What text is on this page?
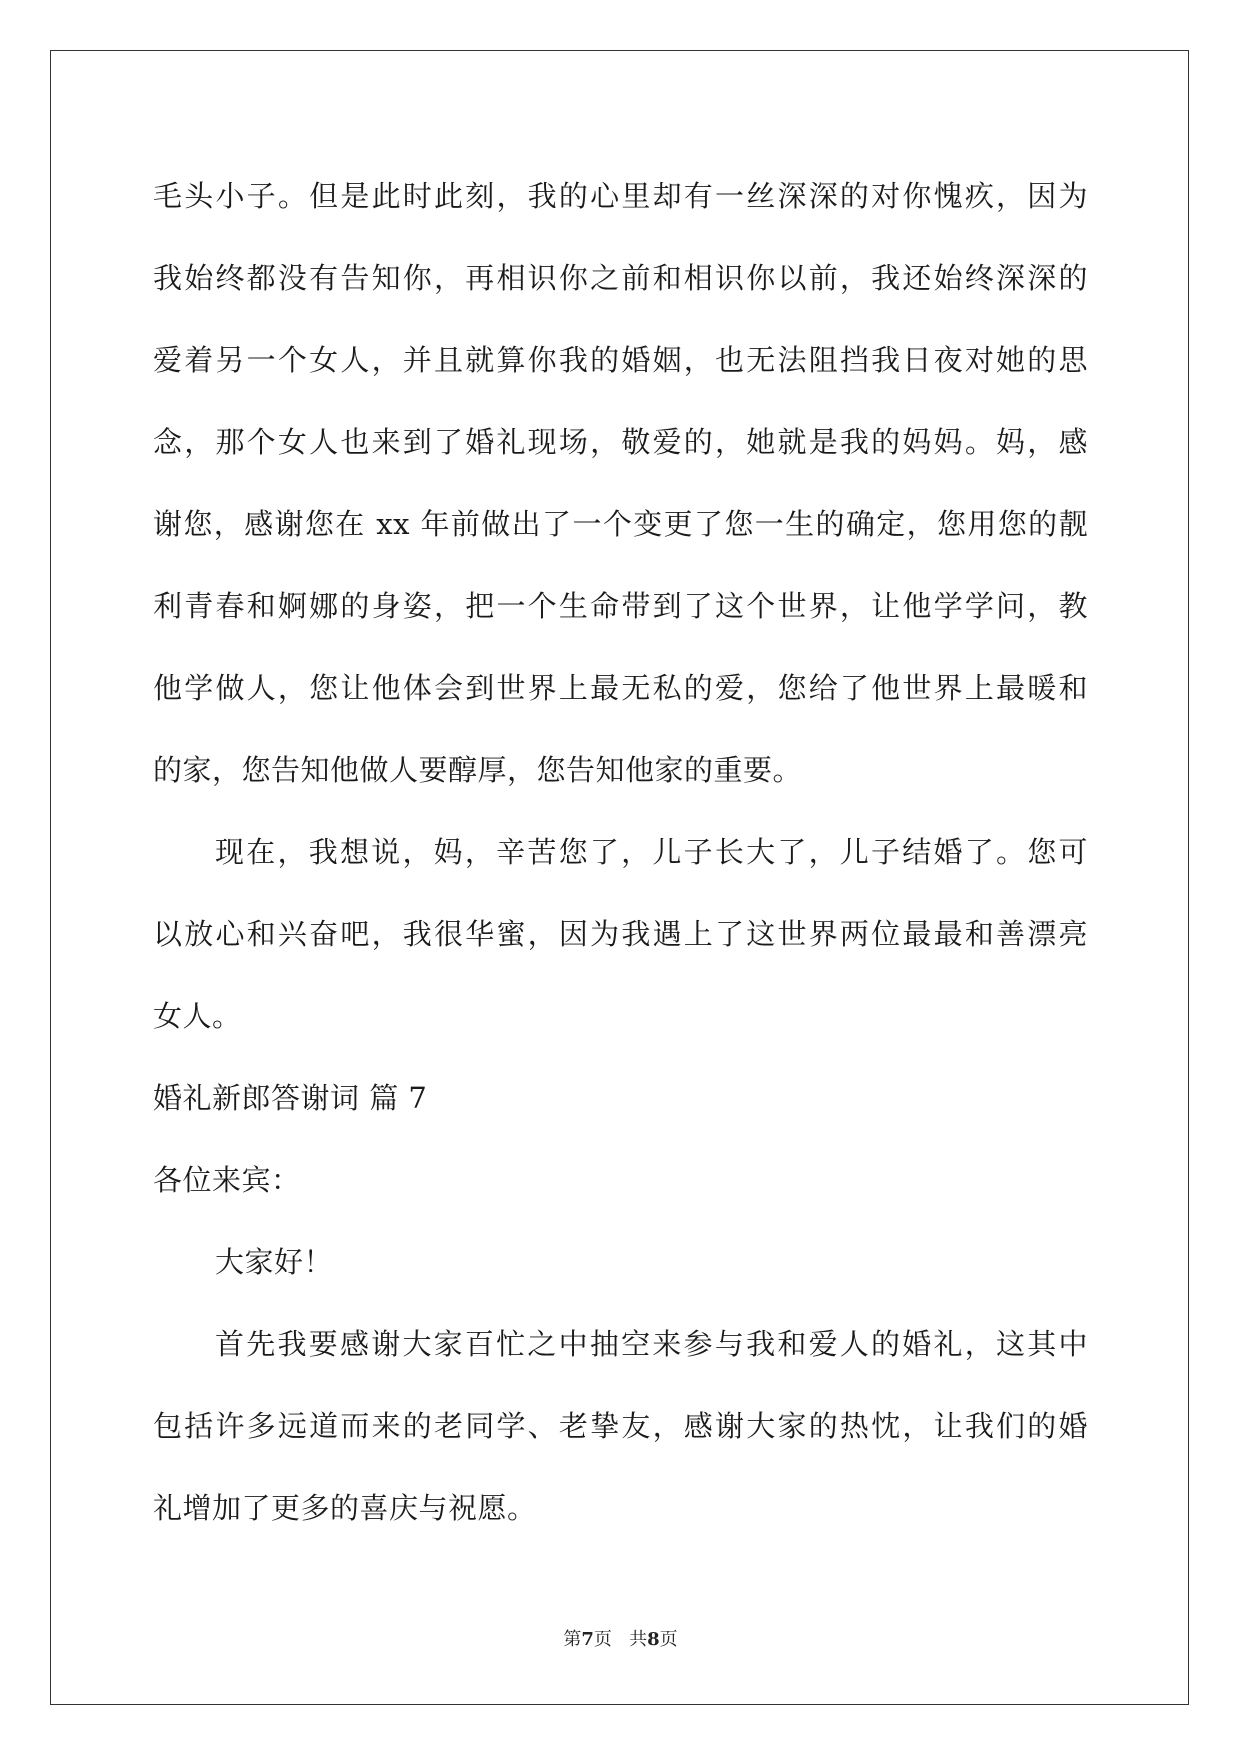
毛头小子。但是此时此刻，我的心里却有一丝深深的对你愧疚，因为
我始终都没有告知你，再相识你之前和相识你以前，我还始终深深的
爱着另一个女人，并且就算你我的婚姻，也无法阻挡我日夜对她的思
念，那个女人也来到了婚礼现场，敬爱的，她就是我的妈妈。妈，感
谢您，感谢您在 xx 年前做出了一个变更了您一生的确定，您用您的靓
利青春和婀娜的身姿，把一个生命带到了这个世界，让他学学问，教
他学做人，您让他体会到世界上最无私的爱，您给了他世界上最暖和
的家，您告知他做人要醇厚，您告知他家的重要。
现在，我想说，妈，辛苦您了，儿子长大了，儿子结婚了。您可
以放心和兴奋吧，我很华蜜，因为我遇上了这世界两位最最和善漂亮
女人。
婚礼新郎答谢词 篇 7
各位来宾：
大家好！
首先我要感谢大家百忙之中抽空来参与我和爱人的婚礼，这其中
包括许多远道而来的老同学、老挚友，感谢大家的热忱，让我们的婚
礼增加了更多的喜庆与祝愿。
第7页 共8页
